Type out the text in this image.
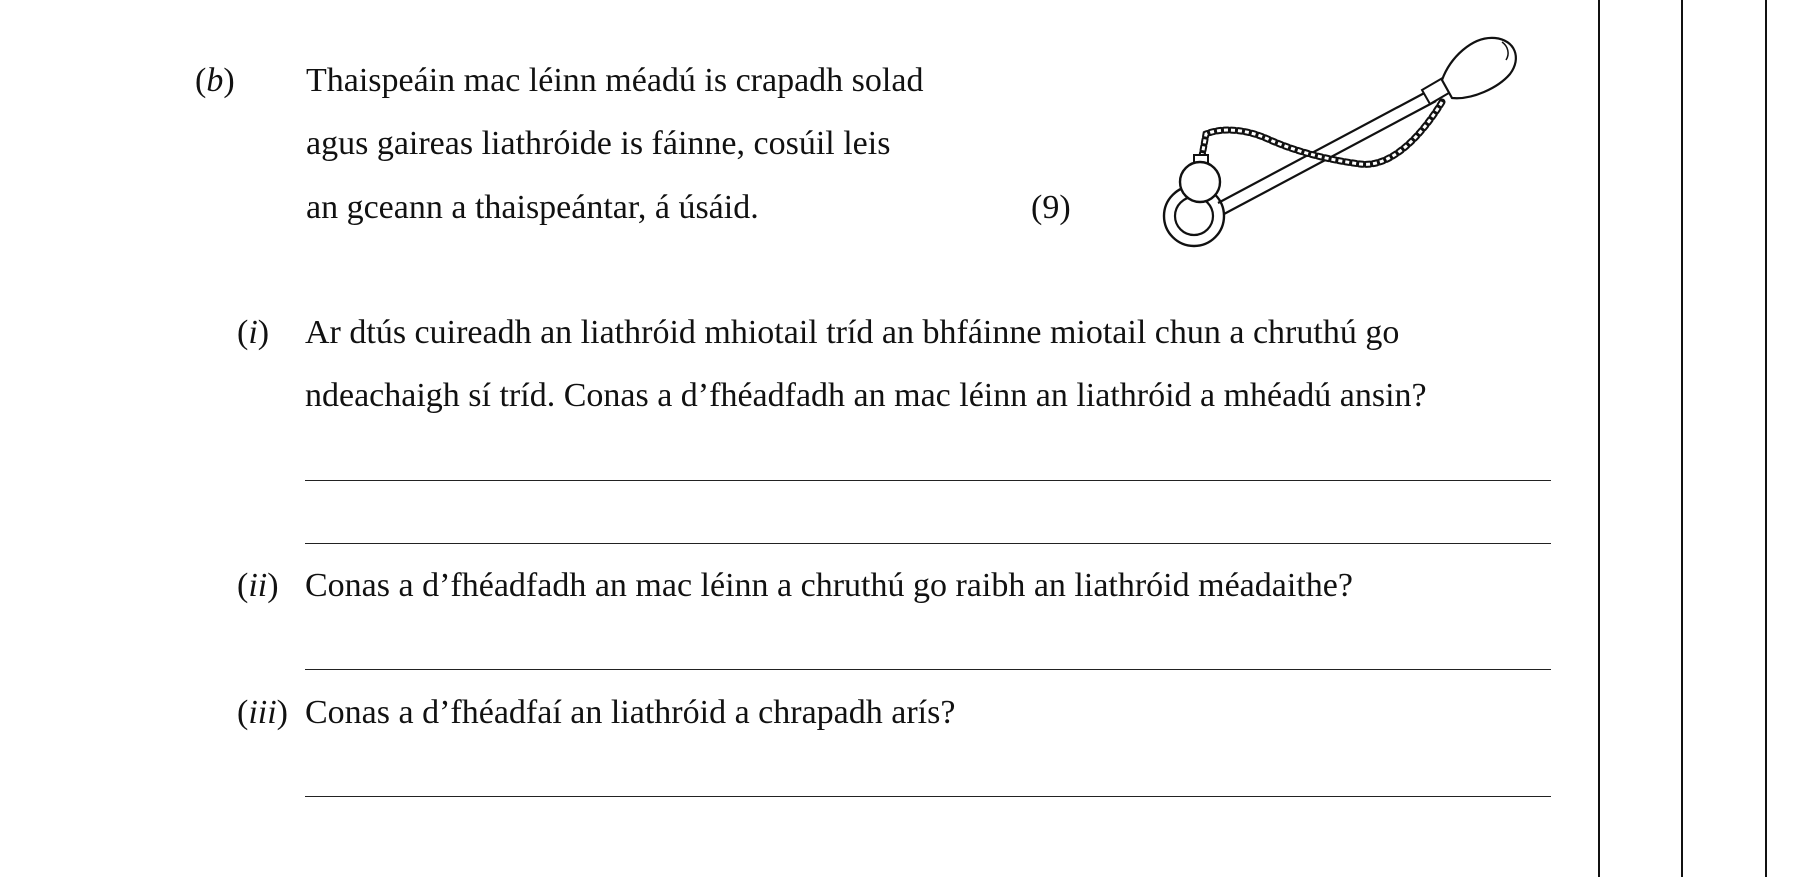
(b) Thaispeáin mac léinn méadú is crapadh solad
agus gaireas liathróide is fáinne, cosúil leis
an gceann a thaispeántar, á úsáid.	(9)
(i) Ar dtús cuireadh an liathróid mhiotail tríd an bhfáinne miotail chun a chruthú go
ndeachaigh sí tríd. Conas a d’fhéadfadh an mac léinn an liathróid a mhéadú ansin?
(ii) Conas a d’fhéadfadh an mac léinn a chruthú go raibh an liathróid méadaithe?
(iii) Conas a d’fhéadfaí an liathróid a chrapadh arís?
